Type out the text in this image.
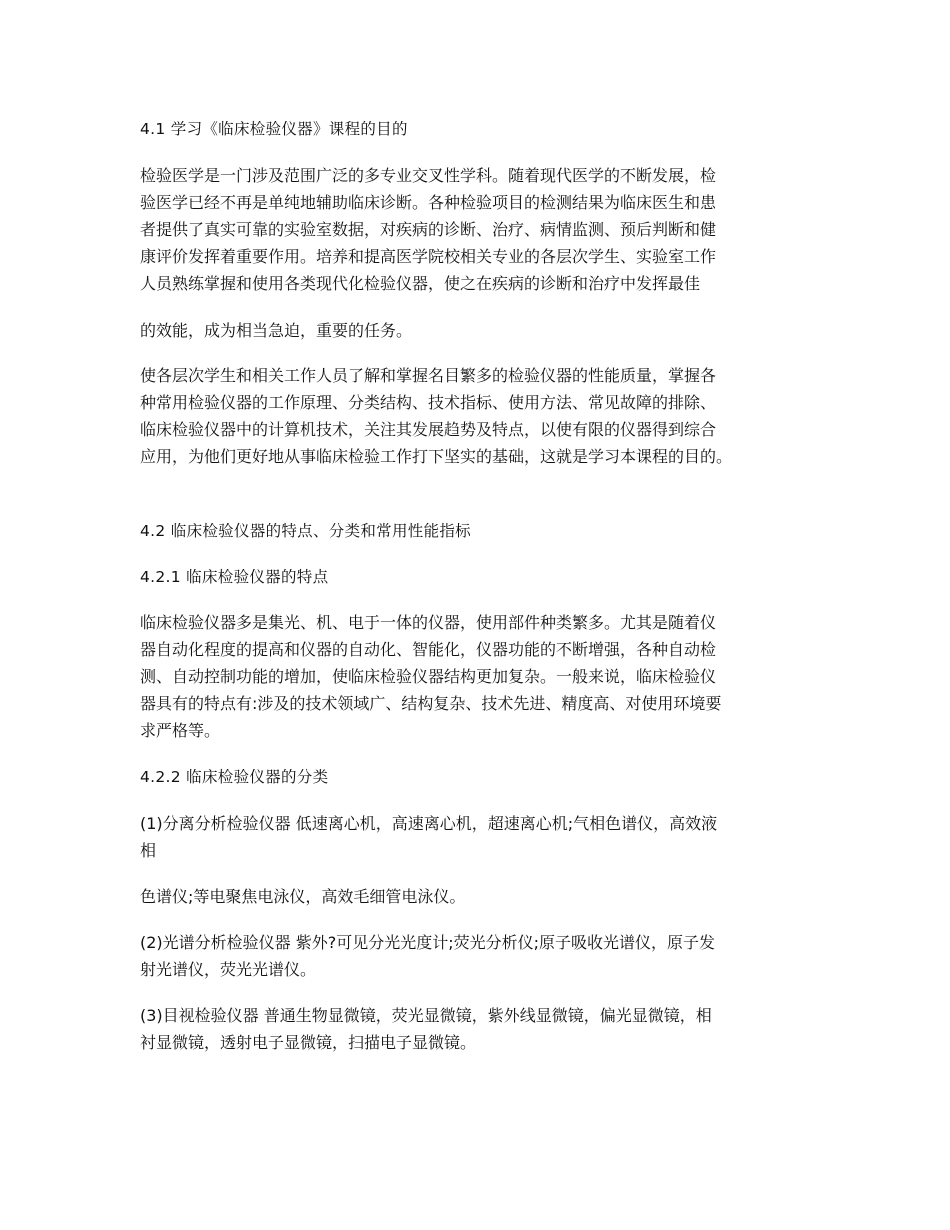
4.1 学习《临床检验仪器》课程的目的
检验医学是一门涉及范围广泛的多专业交叉性学科。随着现代医学的不断发展，检
验医学已经不再是单纯地辅助临床诊断。各种检验项目的检测结果为临床医生和患
者提供了真实可靠的实验室数据，对疾病的诊断、治疗、病情监测、预后判断和健
康评价发挥着重要作用。培养和提高医学院校相关专业的各层次学生、实验室工作
人员熟练掌握和使用各类现代化检验仪器，使之在疾病的诊断和治疗中发挥最佳
的效能，成为相当急迫，重要的任务。
使各层次学生和相关工作人员了解和掌握名目繁多的检验仪器的性能质量，掌握各
种常用检验仪器的工作原理、分类结构、技术指标、使用方法、常见故障的排除、
临床检验仪器中的计算机技术，关注其发展趋势及特点，以使有限的仪器得到综合
应用，为他们更好地从事临床检验工作打下坚实的基础，这就是学习本课程的目的。
4.2 临床检验仪器的特点、分类和常用性能指标
4.2.1 临床检验仪器的特点
临床检验仪器多是集光、机、电于一体的仪器，使用部件种类繁多。尤其是随着仪
器自动化程度的提高和仪器的自动化、智能化，仪器功能的不断增强，各种自动检
测、自动控制功能的增加，使临床检验仪器结构更加复杂。一般来说，临床检验仪
器具有的特点有:涉及的技术领域广、结构复杂、技术先进、精度高、对使用环境要
求严格等。
4.2.2 临床检验仪器的分类
(1)分离分析检验仪器 低速离心机，高速离心机，超速离心机;气相色谱仪，高效液
相
色谱仪;等电聚焦电泳仪，高效毛细管电泳仪。
(2)光谱分析检验仪器 紫外?可见分光光度计;荧光分析仪;原子吸收光谱仪，原子发
射光谱仪，荧光光谱仪。
(3)目视检验仪器 普通生物显微镜，荧光显微镜，紫外线显微镜，偏光显微镜，相
衬显微镜，透射电子显微镜，扫描电子显微镜。
